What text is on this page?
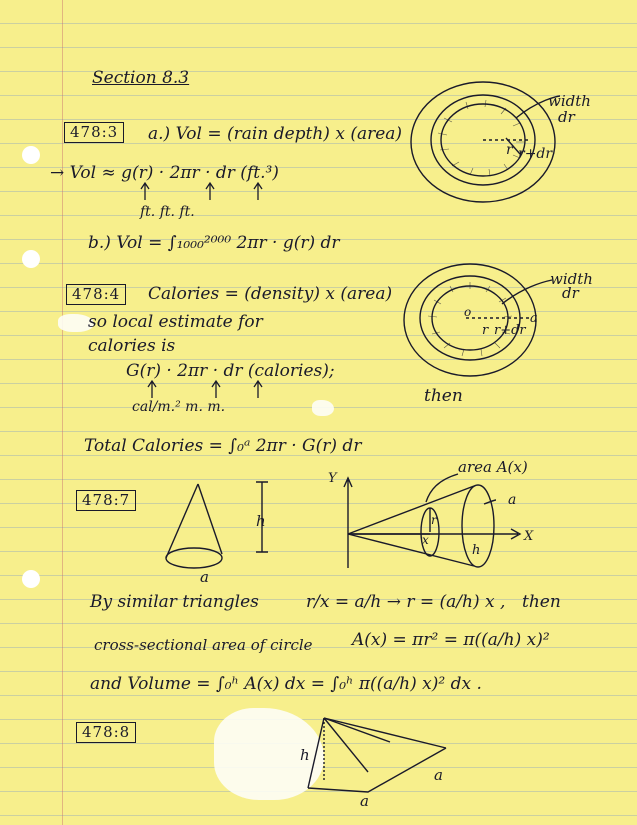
Section 8.3
478:3	a.) Vol = (rain depth) x (area)
→ Vol ≈ g(r) · 2πr · dr (ft.³)
ft. ft. ft.
b.) Vol = ∫₁₀₀₀²⁰⁰⁰ 2πr · g(r) dr
width
dr
r r+dr
478:4	Calories = (density) x (area)
so local estimate for
calories is
G(r) · 2πr · dr (calories);
cal/m.² m. m.
then
Total Calories = ∫₀ᵃ 2πr · G(r) dr
o
width
dr
a
r r+dr
478:7
h
a
area A(x)
Y
X
a
r
x
h
By similar triangles	r/x = a/h → r = (a/h) x , then
cross-sectional area of circle A(x) = πr² = π((a/h) x)²
and Volume = ∫₀ʰ A(x) dx = ∫₀ʰ π((a/h) x)² dx .
478:8
h
a
a
